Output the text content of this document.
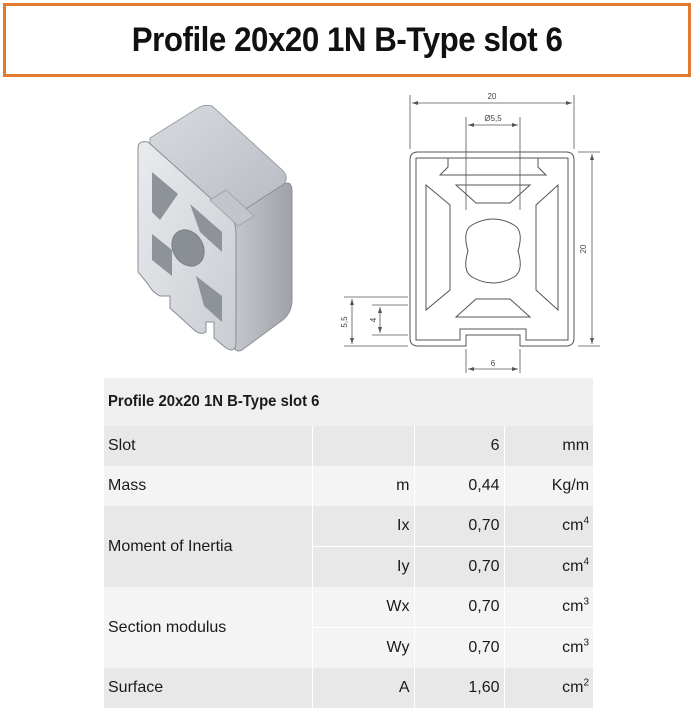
Profile 20x20 1N B-Type slot 6
20
Ø5,5
20
5,5	4
6
Profile 20x20 1N B-Type slot 6			
Slot		6	mm
Mass	m	0,44	Kg/m
Moment of Inertia	Ix	0,70	$cm^4$
	Iy	0,70	$cm^4$
Section modulus	Wx	0,70	$cm^3$
	Wy	0,70	$cm^3$
Surface	A	1,60	$cm^2$
